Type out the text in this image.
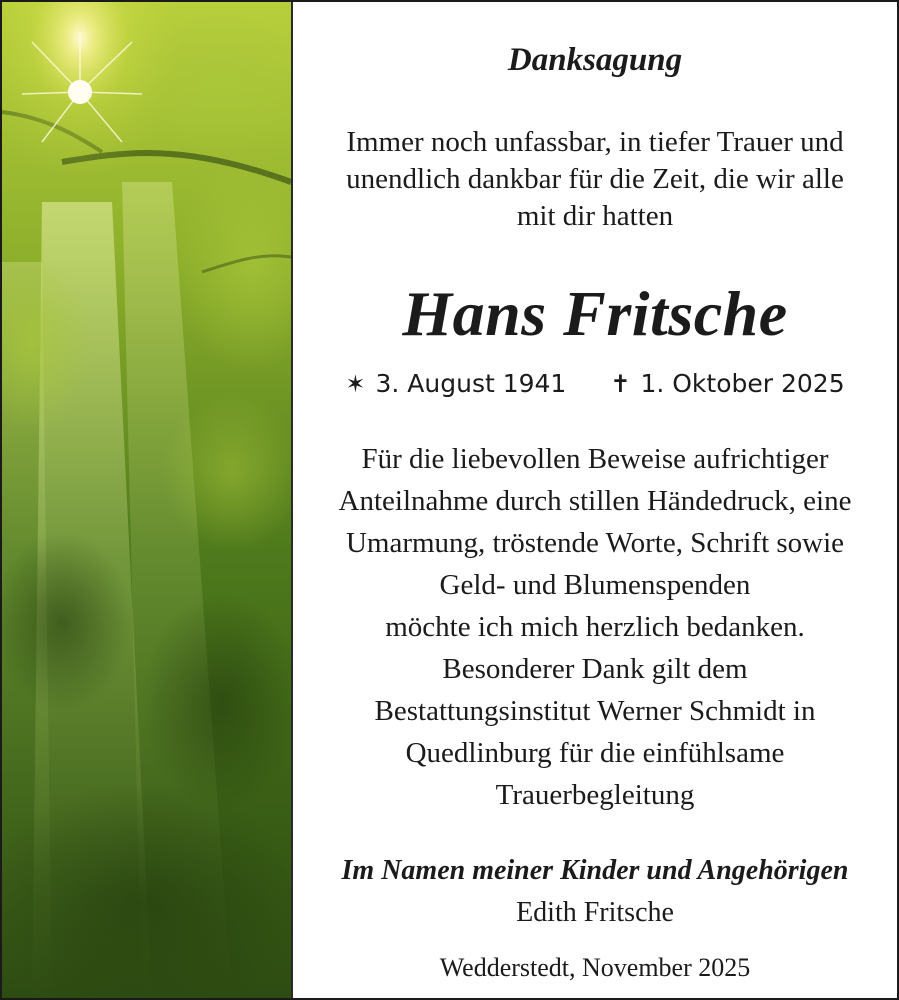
Danksagung
Immer noch unfassbar, in tiefer Trauer und
unendlich dankbar für die Zeit, die wir alle
mit dir hatten
Hans Fritsche
✶ 3. August 1941 ✝ 1. Oktober 2025
Für die liebevollen Beweise aufrichtiger
Anteilnahme durch stillen Händedruck, eine
Umarmung, tröstende Worte, Schrift sowie
Geld- und Blumenspenden
möchte ich mich herzlich bedanken.
Besonderer Dank gilt dem
Bestattungsinstitut Werner Schmidt in
Quedlinburg für die einfühlsame
Trauerbegleitung
Im Namen meiner Kinder und Angehörigen
Edith Fritsche
Wedderstedt, November 2025
